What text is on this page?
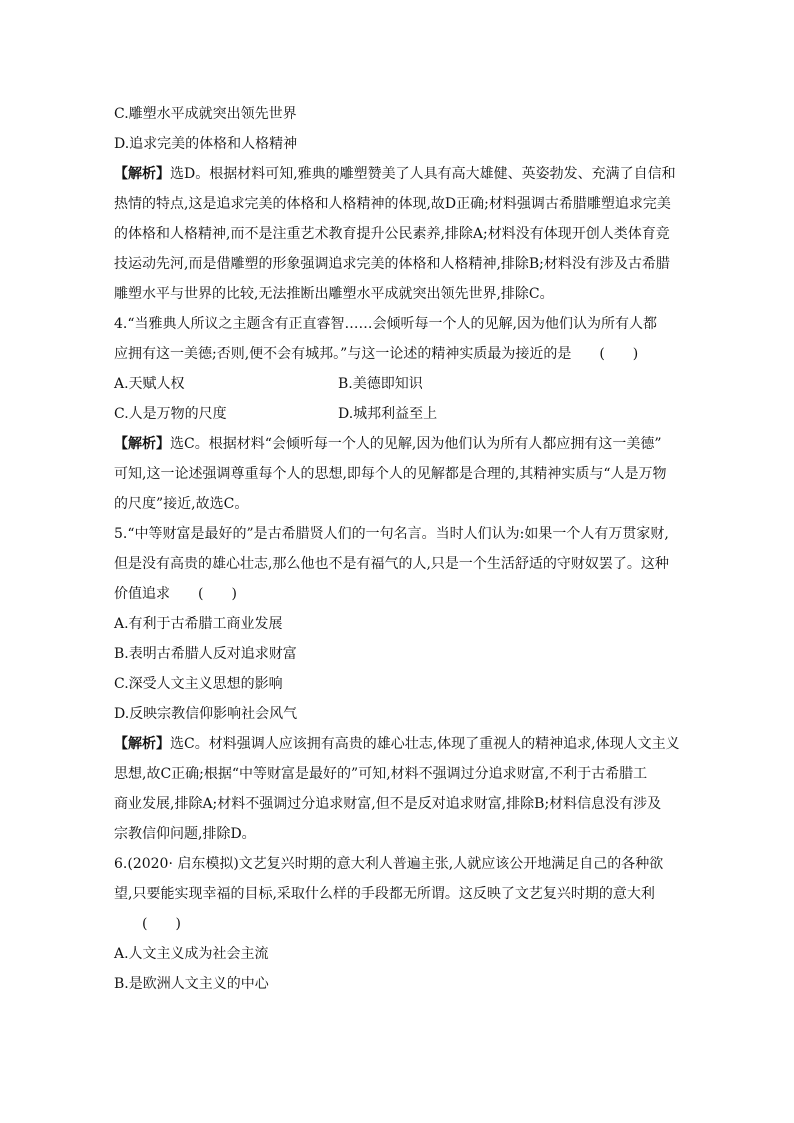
C.雕塑水平成就突出领先世界
D.追求完美的体格和人格精神
【解析】选D。根据材料可知,雅典的雕塑赞美了人具有高大雄健、英姿勃发、充满了自信和
热情的特点,这是追求完美的体格和人格精神的体现,故D正确;材料强调古希腊雕塑追求完美
的体格和人格精神,而不是注重艺术教育提升公民素养,排除A;材料没有体现开创人类体育竞
技运动先河,而是借雕塑的形象强调追求完美的体格和人格精神,排除B;材料没有涉及古希腊
雕塑水平与世界的比较,无法推断出雕塑水平成就突出领先世界,排除C。
4.“当雅典人所议之主题含有正直睿智……会倾听每一个人的见解,因为他们认为所有人都
应拥有这一美德;否则,便不会有城邦。”与这一论述的精神实质最为接近的是　　(　　)
A.天赋人权	B.美德即知识
C.人是万物的尺度	D.城邦利益至上
【解析】选C。根据材料“会倾听每一个人的见解,因为他们认为所有人都应拥有这一美德”
可知,这一论述强调尊重每个人的思想,即每个人的见解都是合理的,其精神实质与“人是万物
的尺度”接近,故选C。
5.“中等财富是最好的”是古希腊贤人们的一句名言。当时人们认为:如果一个人有万贯家财,
但是没有高贵的雄心壮志,那么他也不是有福气的人,只是一个生活舒适的守财奴罢了。这种
价值追求　　(　　)
A.有利于古希腊工商业发展
B.表明古希腊人反对追求财富
C.深受人文主义思想的影响
D.反映宗教信仰影响社会风气
【解析】选C。材料强调人应该拥有高贵的雄心壮志,体现了重视人的精神追求,体现人文主义
思想,故C正确;根据“中等财富是最好的”可知,材料不强调过分追求财富,不利于古希腊工
商业发展,排除A;材料不强调过分追求财富,但不是反对追求财富,排除B;材料信息没有涉及
宗教信仰问题,排除D。
6.(2020· 启东模拟)文艺复兴时期的意大利人普遍主张,人就应该公开地满足自己的各种欲
望,只要能实现幸福的目标,采取什么样的手段都无所谓。这反映了文艺复兴时期的意大利
　　(　　)
A.人文主义成为社会主流
B.是欧洲人文主义的中心
